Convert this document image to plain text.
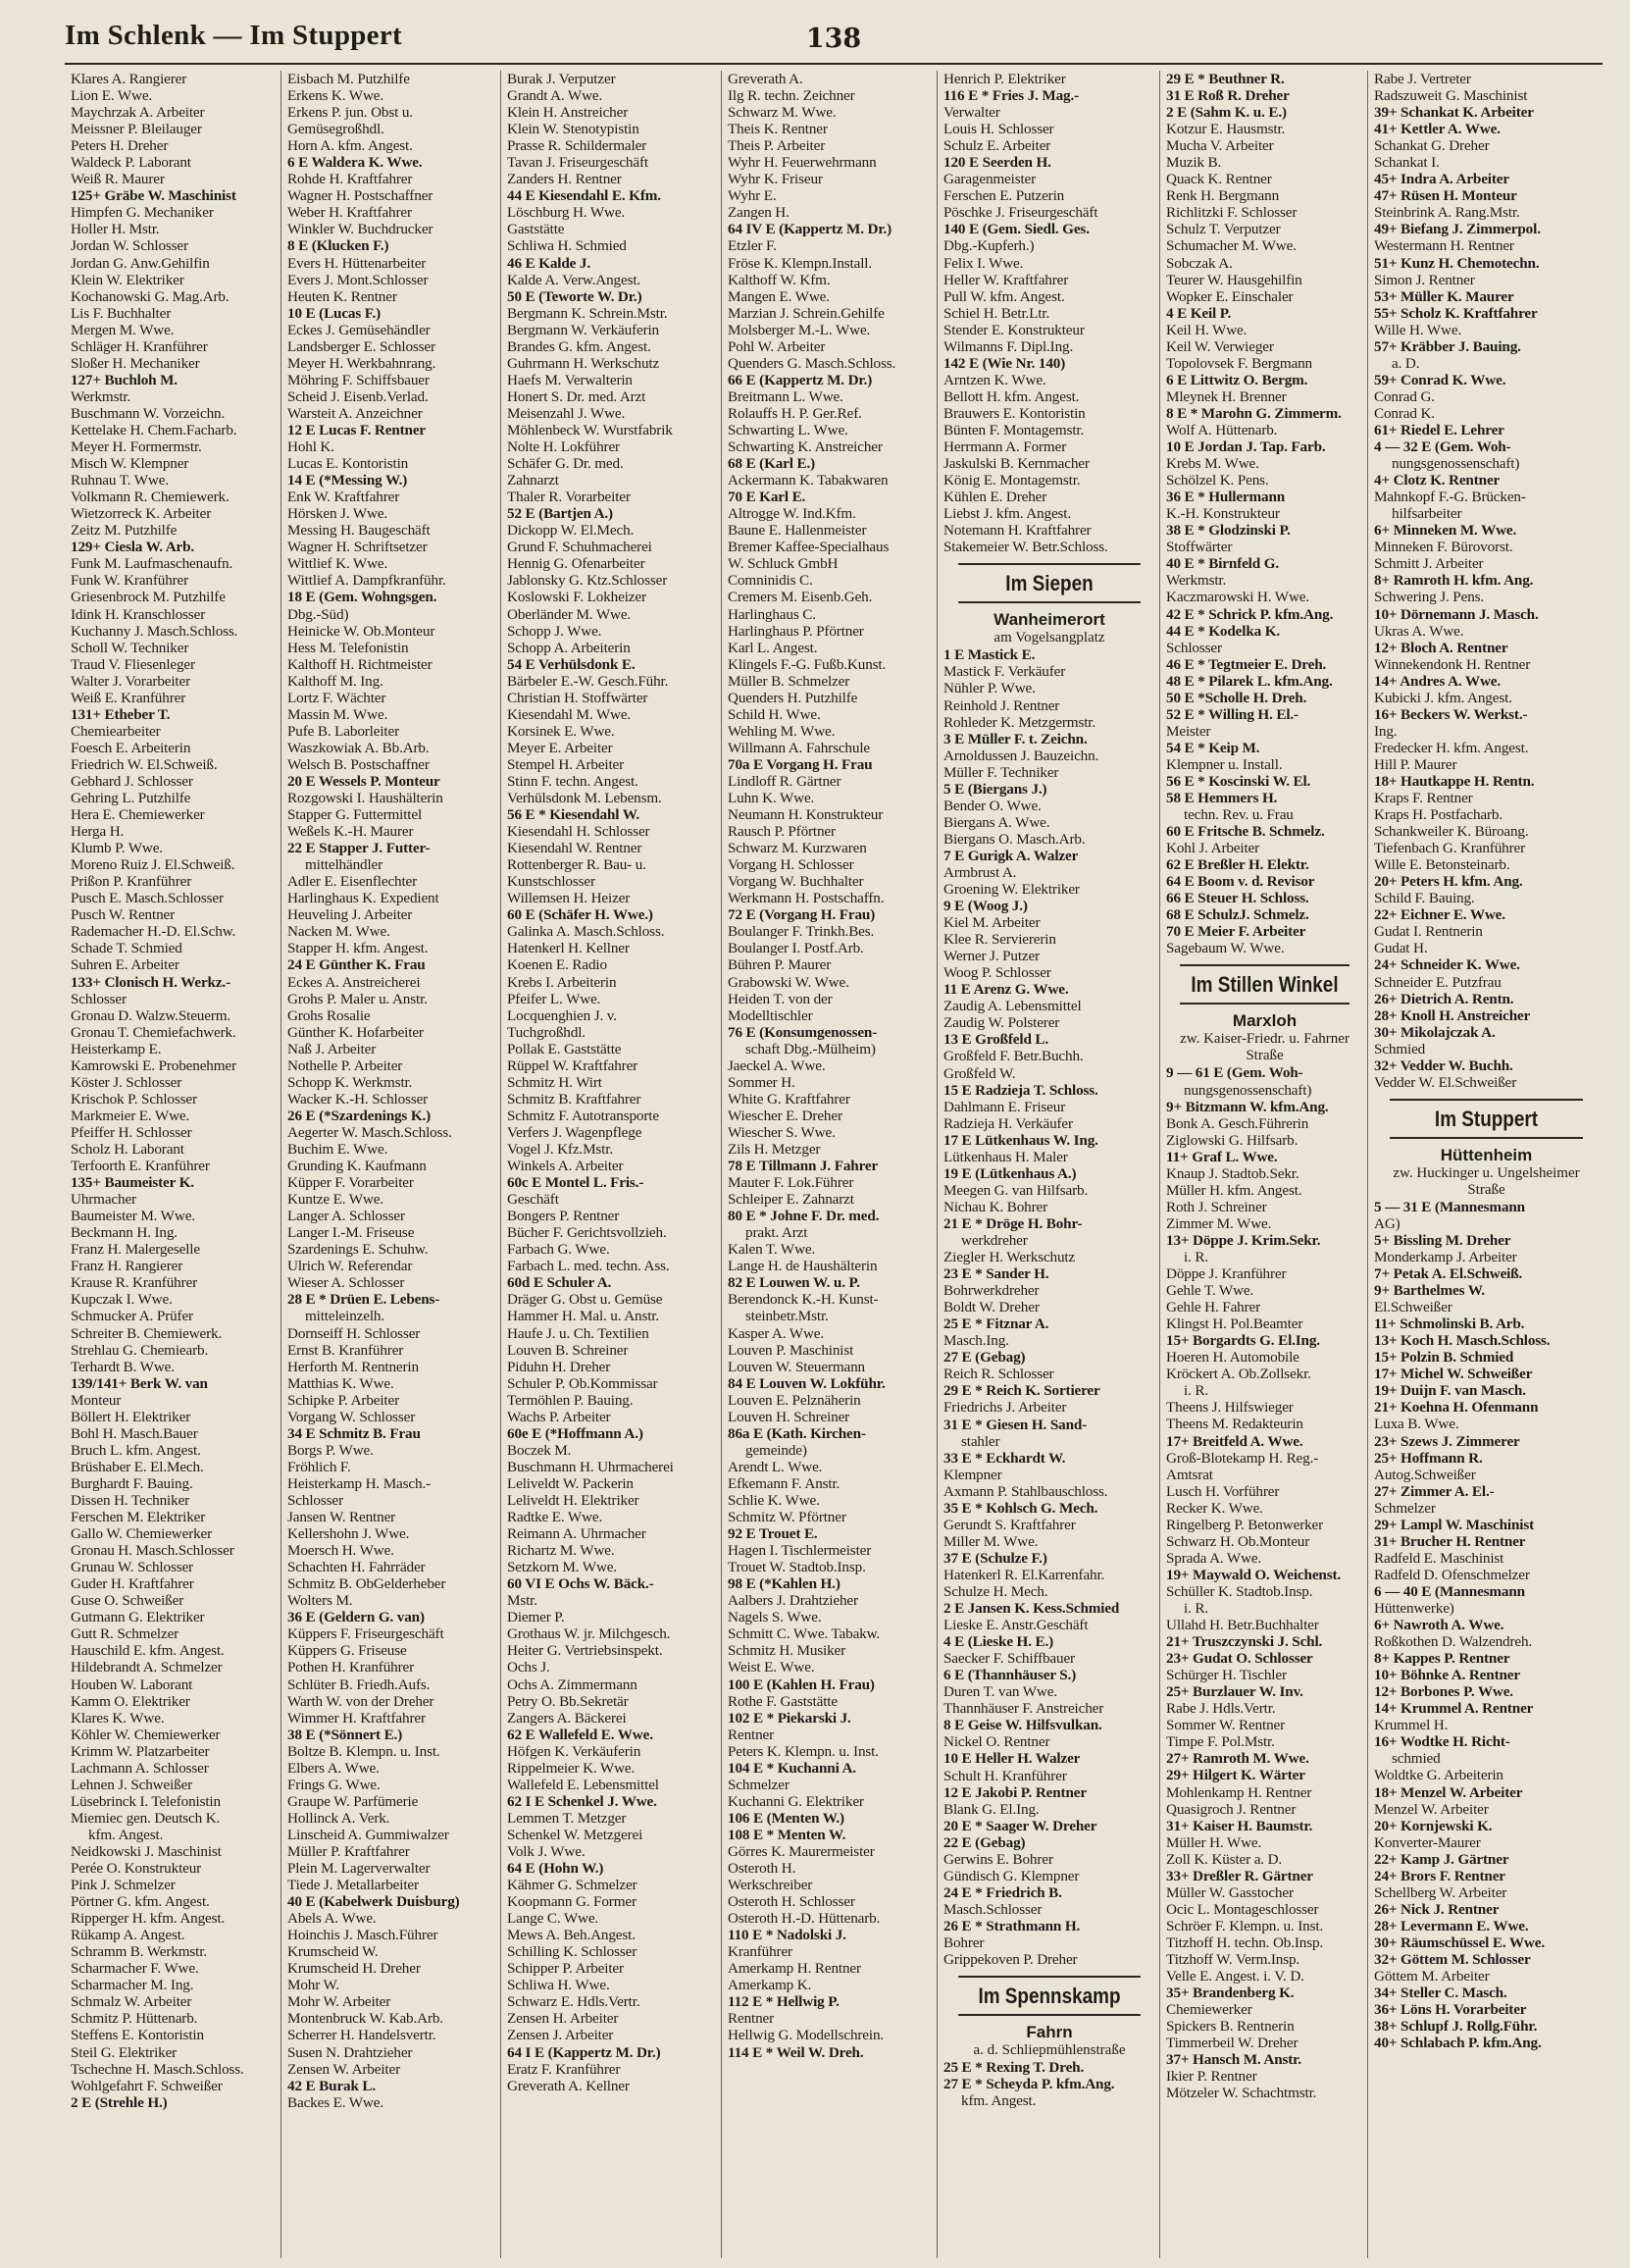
Im Schlenk — Im Stuppert	138
Klares A. Rangierer
Lion E. Wwe.
Maychrzak A. Arbeiter
Meissner P. Bleilauger
Peters H. Dreher
Waldeck P. Laborant
Weiß R. Maurer
125+ Gräbe W. Maschinist
Himpfen G. Mechaniker
Holler H. Mstr.
Jordan W. Schlosser
Jordan G. Anw.Gehilfin
Klein W. Elektriker
Kochanowski G. Mag.Arb.
Lis F. Buchhalter
Mergen M. Wwe.
Schläger H. Kranführer
Sloßer H. Mechaniker
127+ Buchloh M.
Werkmstr.
Buschmann W. Vorzeichn.
Kettelake H. Chem.Facharb.
Meyer H. Formermstr.
Misch W. Klempner
Ruhnau T. Wwe.
Volkmann R. Chemiewerk.
Wietzorreck K. Arbeiter
Zeitz M. Putzhilfe
129+ Ciesla W. Arb.
Funk M. Laufmaschenaufn.
Funk W. Kranführer
Griesenbrock M. Putzhilfe
Idink H. Kranschlosser
Kuchanny J. Masch.Schloss.
Scholl W. Techniker
Traud V. Fliesenleger
Walter J. Vorarbeiter
Weiß E. Kranführer
131+ Etheber T.
Chemiearbeiter
Foesch E. Arbeiterin
Friedrich W. El.Schweiß.
Gebhard J. Schlosser
Gehring L. Putzhilfe
Hera E. Chemiewerker
Herga H.
Klumb P. Wwe.
Moreno Ruiz J. El.Schweiß.
Prißon P. Kranführer
Pusch E. Masch.Schlosser
Pusch W. Rentner
Rademacher H.-D. El.Schw.
Schade T. Schmied
Suhren E. Arbeiter
133+ Clonisch H. Werkz.-
Schlosser
Gronau D. Walzw.Steuerm.
Gronau T. Chemiefachwerk.
Heisterkamp E.
Kamrowski E. Probenehmer
Köster J. Schlosser
Krischok P. Schlosser
Markmeier E. Wwe.
Pfeiffer H. Schlosser
Scholz H. Laborant
Terfoorth E. Kranführer
135+ Baumeister K.
Uhrmacher
Baumeister M. Wwe.
Beckmann H. Ing.
Franz H. Malergeselle
Franz H. Rangierer
Krause R. Kranführer
Kupczak I. Wwe.
Schmucker A. Prüfer
Schreiter B. Chemiewerk.
Strehlau G. Chemiearb.
Terhardt B. Wwe.
139/141+ Berk W. van
Monteur
Böllert H. Elektriker
Bohl H. Masch.Bauer
Bruch L. kfm. Angest.
Brüshaber E. El.Mech.
Burghardt F. Bauing.
Dissen H. Techniker
Ferschen M. Elektriker
Gallo W. Chemiewerker
Gronau H. Masch.Schlosser
Grunau W. Schlosser
Guder H. Kraftfahrer
Guse O. Schweißer
Gutmann G. Elektriker
Gutt R. Schmelzer
Hauschild E. kfm. Angest.
Hildebrandt A. Schmelzer
Houben W. Laborant
Kamm O. Elektriker
Klares K. Wwe.
Köhler W. Chemiewerker
Krimm W. Platzarbeiter
Lachmann A. Schlosser
Lehnen J. Schweißer
Lüsebrinck I. Telefonistin
Miemiec gen. Deutsch K.
kfm. Angest.
Neidkowski J. Maschinist
Perée O. Konstrukteur
Pink J. Schmelzer
Pörtner G. kfm. Angest.
Ripperger H. kfm. Angest.
Rükamp A. Angest.
Schramm B. Werkmstr.
Scharmacher F. Wwe.
Scharmacher M. Ing.
Schmalz W. Arbeiter
Schmitz P. Hüttenarb.
Steffens E. Kontoristin
Steil G. Elektriker
Tschechne H. Masch.Schloss.
Wohlgefahrt F. Schweißer
2 E (Strehle H.)
Eisbach M. Putzhilfe
Erkens K. Wwe.
Erkens P. jun. Obst u.
Gemüsegroßhdl.
Horn A. kfm. Angest.
6 E Waldera K. Wwe.
Rohde H. Kraftfahrer
Wagner H. Postschaffner
Weber H. Kraftfahrer
Winkler W. Buchdrucker
8 E (Klucken F.)
Evers H. Hüttenarbeiter
Evers J. Mont.Schlosser
Heuten K. Rentner
10 E (Lucas F.)
Eckes J. Gemüsehändler
Landsberger E. Schlosser
Meyer H. Werkbahnrang.
Möhring F. Schiffsbauer
Scheid J. Eisenb.Verlad.
Warsteit A. Anzeichner
12 E Lucas F. Rentner
Hohl K.
Lucas E. Kontoristin
14 E (*Messing W.)
Enk W. Kraftfahrer
Hörsken J. Wwe.
Messing H. Baugeschäft
Wagner H. Schriftsetzer
Wittlief K. Wwe.
Wittlief A. Dampfkranführ.
18 E (Gem. Wohngsgen.
Dbg.-Süd)
Heinicke W. Ob.Monteur
Hess M. Telefonistin
Kalthoff H. Richtmeister
Kalthoff M. Ing.
Lortz F. Wächter
Massin M. Wwe.
Pufe B. Laborleiter
Waszkowiak A. Bb.Arb.
Welsch B. Postschaffner
20 E Wessels P. Monteur
Rozgowski I. Haushälterin
Stapper G. Futtermittel
Weßels K.-H. Maurer
22 E Stapper J. Futter-
mittelhändler
Adler E. Eisenflechter
Harlinghaus K. Expedient
Heuveling J. Arbeiter
Nacken M. Wwe.
Stapper H. kfm. Angest.
24 E Günther K. Frau
Eckes A. Anstreicherei
Grohs P. Maler u. Anstr.
Grohs Rosalie
Günther K. Hofarbeiter
Naß J. Arbeiter
Nothelle P. Arbeiter
Schopp K. Werkmstr.
Wacker K.-H. Schlosser
26 E (*Szardenings K.)
Aegerter W. Masch.Schloss.
Buchim E. Wwe.
Grunding K. Kaufmann
Küpper F. Vorarbeiter
Kuntze E. Wwe.
Langer A. Schlosser
Langer I.-M. Friseuse
Szardenings E. Schuhw.
Ulrich W. Referendar
Wieser A. Schlosser
28 E * Drüen E. Lebens-
mitteleinzelh.
Dornseiff H. Schlosser
Ernst B. Kranführer
Herforth M. Rentnerin
Matthias K. Wwe.
Schipke P. Arbeiter
Vorgang W. Schlosser
34 E Schmitz B. Frau
Borgs P. Wwe.
Fröhlich F.
Heisterkamp H. Masch.-
Schlosser
Jansen W. Rentner
Kellershohn J. Wwe.
Moersch H. Wwe.
Schachten H. Fahrräder
Schmitz B. ObGelderheber
Wolters M.
36 E (Geldern G. van)
Küppers F. Friseurgeschäft
Küppers G. Friseuse
Pothen H. Kranführer
Schlüter B. Friedh.Aufs.
Warth W. von der Dreher
Wimmer H. Kraftfahrer
38 E (*Sönnert E.)
Boltze B. Klempn. u. Inst.
Elbers A. Wwe.
Frings G. Wwe.
Graupe W. Parfümerie
Hollinck A. Verk.
Linscheid A. Gummiwalzer
Müller P. Kraftfahrer
Plein M. Lagerverwalter
Tiede J. Metallarbeiter
40 E (Kabelwerk Duisburg)
Abels A. Wwe.
Hoinchis J. Masch.Führer
Krumscheid W.
Krumscheid H. Dreher
Mohr W.
Mohr W. Arbeiter
Montenbruck W. Kab.Arb.
Scherrer H. Handelsvertr.
Susen N. Drahtzieher
Zensen W. Arbeiter
42 E Burak L.
Backes E. Wwe.
Burak J. Verputzer
Grandt A. Wwe.
Klein H. Anstreicher
Klein W. Stenotypistin
Prasse R. Schildermaler
Tavan J. Friseurgeschäft
Zanders H. Rentner
44 E Kiesendahl E. Kfm.
Löschburg H. Wwe.
Gaststätte
Schliwa H. Schmied
46 E Kalde J.
Kalde A. Verw.Angest.
50 E (Teworte W. Dr.)
Bergmann K. Schrein.Mstr.
Bergmann W. Verkäuferin
Brandes G. kfm. Angest.
Guhrmann H. Werkschutz
Haefs M. Verwalterin
Honert S. Dr. med. Arzt
Meisenzahl J. Wwe.
Möhlenbeck W. Wurstfabrik
Nolte H. Lokführer
Schäfer G. Dr. med.
Zahnarzt
Thaler R. Vorarbeiter
52 E (Bartjen A.)
Dickopp W. El.Mech.
Grund F. Schuhmacherei
Hennig G. Ofenarbeiter
Jablonsky G. Ktz.Schlosser
Koslowski F. Lokheizer
Oberländer M. Wwe.
Schopp J. Wwe.
Schopp A. Arbeiterin
54 E Verhülsdonk E.
Bärbeler E.-W. Gesch.Führ.
Christian H. Stoffwärter
Kiesendahl M. Wwe.
Korsinek E. Wwe.
Meyer E. Arbeiter
Stempel H. Arbeiter
Stinn F. techn. Angest.
Verhülsdonk M. Lebensm.
56 E * Kiesendahl W.
Kiesendahl H. Schlosser
Kiesendahl W. Rentner
Rottenberger R. Bau- u.
Kunstschlosser
Willemsen H. Heizer
60 E (Schäfer H. Wwe.)
Galinka A. Masch.Schloss.
Hatenkerl H. Kellner
Koenen E. Radio
Krebs I. Arbeiterin
Pfeifer L. Wwe.
Locquenghien J. v.
Tuchgroßhdl.
Pollak E. Gaststätte
Rüppel W. Kraftfahrer
Schmitz H. Wirt
Schmitz B. Kraftfahrer
Schmitz F. Autotransporte
Verfers J. Wagenpflege
Vogel J. Kfz.Mstr.
Winkels A. Arbeiter
60c E Montel L. Fris.-
Geschäft
Bongers P. Rentner
Bücher F. Gerichtsvollzieh.
Farbach G. Wwe.
Farbach L. med. techn. Ass.
60d E Schuler A.
Dräger G. Obst u. Gemüse
Hammer H. Mal. u. Anstr.
Haufe J. u. Ch. Textilien
Louven B. Schreiner
Piduhn H. Dreher
Schuler P. Ob.Kommissar
Termöhlen P. Bauing.
Wachs P. Arbeiter
60e E (*Hoffmann A.)
Boczek M.
Buschmann H. Uhrmacherei
Leliveldt W. Packerin
Leliveldt H. Elektriker
Radtke E. Wwe.
Reimann A. Uhrmacher
Richartz M. Wwe.
Setzkorn M. Wwe.
60 VI E Ochs W. Bäck.-
Mstr.
Diemer P.
Grothaus W. jr. Milchgesch.
Heiter G. Vertriebsinspekt.
Ochs J.
Ochs A. Zimmermann
Petry O. Bb.Sekretär
Zangers A. Bäckerei
62 E Wallefeld E. Wwe.
Höfgen K. Verkäuferin
Rippelmeier K. Wwe.
Wallefeld E. Lebensmittel
62 I E Schenkel J. Wwe.
Lemmen T. Metzger
Schenkel W. Metzgerei
Volk J. Wwe.
64 E (Hohn W.)
Kähmer G. Schmelzer
Koopmann G. Former
Lange C. Wwe.
Mews A. Beh.Angest.
Schilling K. Schlosser
Schipper P. Arbeiter
Schliwa H. Wwe.
Schwarz E. Hdls.Vertr.
Zensen H. Arbeiter
Zensen J. Arbeiter
64 I E (Kappertz M. Dr.)
Eratz F. Kranführer
Greverath A. Kellner
Greverath A.
Ilg R. techn. Zeichner
Schwarz M. Wwe.
Theis K. Rentner
Theis P. Arbeiter
Wyhr H. Feuerwehrmann
Wyhr K. Friseur
Wyhr E.
Zangen H.
64 IV E (Kappertz M. Dr.)
Etzler F.
Fröse K. Klempn.Install.
Kalthoff W. Kfm.
Mangen E. Wwe.
Marzian J. Schrein.Gehilfe
Molsberger M.-L. Wwe.
Pohl W. Arbeiter
Quenders G. Masch.Schloss.
66 E (Kappertz M. Dr.)
Breitmann L. Wwe.
Rolauffs H. P. Ger.Ref.
Schwarting L. Wwe.
Schwarting K. Anstreicher
68 E (Karl E.)
Ackermann K. Tabakwaren
70 E Karl E.
Altrogge W. Ind.Kfm.
Baune E. Hallenmeister
Bremer Kaffee-Specialhaus
W. Schluck GmbH
Comninidis C.
Cremers M. Eisenb.Geh.
Harlinghaus C.
Harlinghaus P. Pförtner
Karl L. Angest.
Klingels F.-G. Fußb.Kunst.
Müller B. Schmelzer
Quenders H. Putzhilfe
Schild H. Wwe.
Wehling M. Wwe.
Willmann A. Fahrschule
70a E Vorgang H. Frau
Lindloff R. Gärtner
Luhn K. Wwe.
Neumann H. Konstrukteur
Rausch P. Pförtner
Schwarz M. Kurzwaren
Vorgang H. Schlosser
Vorgang W. Buchhalter
Werkmann H. Postschaffn.
72 E (Vorgang H. Frau)
Boulanger F. Trinkh.Bes.
Boulanger I. Postf.Arb.
Bühren P. Maurer
Grabowski W. Wwe.
Heiden T. von der
Modelltischler
76 E (Konsumgenossen-
schaft Dbg.-Mülheim)
Jaeckel A. Wwe.
Sommer H.
White G. Kraftfahrer
Wiescher E. Dreher
Wiescher S. Wwe.
Zils H. Metzger
78 E Tillmann J. Fahrer
Mauter F. Lok.Führer
Schleiper E. Zahnarzt
80 E * Johne F. Dr. med.
prakt. Arzt
Kalen T. Wwe.
Lange H. de Haushälterin
82 E Louwen W. u. P.
Berendonck K.-H. Kunst-
steinbetr.Mstr.
Kasper A. Wwe.
Louven P. Maschinist
Louven W. Steuermann
84 E Louven W. Lokführ.
Louven E. Pelznäherin
Louven H. Schreiner
86a E (Kath. Kirchen-
gemeinde)
Arendt L. Wwe.
Efkemann F. Anstr.
Schlie K. Wwe.
Schmitz W. Pförtner
92 E Trouet E.
Hagen I. Tischlermeister
Trouet W. Stadtob.Insp.
98 E (*Kahlen H.)
Aalbers J. Drahtzieher
Nagels S. Wwe.
Schmitt C. Wwe. Tabakw.
Schmitz H. Musiker
Weist E. Wwe.
100 E (Kahlen H. Frau)
Rothe F. Gaststätte
102 E * Piekarski J.
Rentner
Peters K. Klempn. u. Inst.
104 E * Kuchanni A.
Schmelzer
Kuchanni G. Elektriker
106 E (Menten W.)
108 E * Menten W.
Görres K. Maurermeister
Osteroth H.
Werkschreiber
Osteroth H. Schlosser
Osteroth H.-D. Hüttenarb.
110 E * Nadolski J.
Kranführer
Amerkamp H. Rentner
Amerkamp K.
112 E * Hellwig P.
Rentner
Hellwig G. Modellschrein.
114 E * Weil W. Dreh.
Henrich P. Elektriker
116 E * Fries J. Mag.-
Verwalter
Louis H. Schlosser
Schulz E. Arbeiter
120 E Seerden H.
Garagenmeister
Ferschen E. Putzerin
Pöschke J. Friseurgeschäft
140 E (Gem. Siedl. Ges.
Dbg.-Kupferh.)
Felix I. Wwe.
Heller W. Kraftfahrer
Pull W. kfm. Angest.
Schiel H. Betr.Ltr.
Stender E. Konstrukteur
Wilmanns F. Dipl.Ing.
142 E (Wie Nr. 140)
Arntzen K. Wwe.
Bellott H. kfm. Angest.
Brauwers E. Kontoristin
Bünten F. Montagemstr.
Herrmann A. Former
Jaskulski B. Kernmacher
König E. Montagemstr.
Kühlen E. Dreher
Liebst J. kfm. Angest.
Notemann H. Kraftfahrer
Stakemeier W. Betr.Schloss.
Im Siepen
Wanheimerort
am Vogelsangplatz
1 E Mastick E.
Mastick F. Verkäufer
Nühler P. Wwe.
Reinhold J. Rentner
Rohleder K. Metzgermstr.
3 E Müller F. t. Zeichn.
Arnoldussen J. Bauzeichn.
Müller F. Techniker
5 E (Biergans J.)
Bender O. Wwe.
Biergans A. Wwe.
Biergans O. Masch.Arb.
7 E Gurigk A. Walzer
Armbrust A.
Groening W. Elektriker
9 E (Woog J.)
Kiel M. Arbeiter
Klee R. Serviererin
Werner J. Putzer
Woog P. Schlosser
11 E Arenz G. Wwe.
Zaudig A. Lebensmittel
Zaudig W. Polsterer
13 E Großfeld L.
Großfeld F. Betr.Buchh.
Großfeld W.
15 E Radzieja T. Schloss.
Dahlmann E. Friseur
Radzieja H. Verkäufer
17 E Lütkenhaus W. Ing.
Lütkenhaus H. Maler
19 E (Lütkenhaus A.)
Meegen G. van Hilfsarb.
Nichau K. Bohrer
21 E * Dröge H. Bohr-
werkdreher
Ziegler H. Werkschutz
23 E * Sander H.
Bohrwerkdreher
Boldt W. Dreher
25 E * Fitznar A.
Masch.Ing.
27 E (Gebag)
Reich R. Schlosser
29 E * Reich K. Sortierer
Friedrichs J. Arbeiter
31 E * Giesen H. Sand-
stahler
33 E * Eckhardt W.
Klempner
Axmann P. Stahlbauschloss.
35 E * Kohlsch G. Mech.
Gerundt S. Kraftfahrer
Miller M. Wwe.
37 E (Schulze F.)
Hatenkerl R. El.Karrenfahr.
Schulze H. Mech.
2 E Jansen K. Kess.Schmied
Lieske E. Anstr.Geschäft
4 E (Lieske H. E.)
Saecker F. Schiffbauer
6 E (Thannhäuser S.)
Duren T. van Wwe.
Thannhäuser F. Anstreicher
8 E Geise W. Hilfsvulkan.
Nickel O. Rentner
10 E Heller H. Walzer
Schult H. Kranführer
12 E Jakobi P. Rentner
Blank G. El.Ing.
20 E * Saager W. Dreher
22 E (Gebag)
Gerwins E. Bohrer
Gündisch G. Klempner
24 E * Friedrich B.
Masch.Schlosser
26 E * Strathmann H.
Bohrer
Grippekoven P. Dreher
Im Spennskamp
Fahrn
a. d. Schliepmühlenstraße
25 E * Rexing T. Dreh.
27 E * Scheyda P. kfm.Ang.
kfm. Angest.
29 E * Beuthner R.
31 E Roß R. Dreher
2 E (Sahm K. u. E.)
Kotzur E. Hausmstr.
Mucha V. Arbeiter
Muzik B.
Quack K. Rentner
Renk H. Bergmann
Richlitzki F. Schlosser
Schulz T. Verputzer
Schumacher M. Wwe.
Sobczak A.
Teurer W. Hausgehilfin
Wopker E. Einschaler
4 E Keil P.
Keil H. Wwe.
Keil W. Verwieger
Topolovsek F. Bergmann
6 E Littwitz O. Bergm.
Mleynek H. Brenner
8 E * Marohn G. Zimmerm.
Wolf A. Hüttenarb.
10 E Jordan J. Tap. Farb.
Krebs M. Wwe.
Schölzel K. Pens.
36 E * Hullermann
K.-H. Konstrukteur
38 E * Glodzinski P.
Stoffwärter
40 E * Birnfeld G.
Werkmstr.
Kaczmarowski H. Wwe.
42 E * Schrick P. kfm.Ang.
44 E * Kodelka K.
Schlosser
46 E * Tegtmeier E. Dreh.
48 E * Pilarek L. kfm.Ang.
50 E *Scholle H. Dreh.
52 E * Willing H. El.-
Meister
54 E * Keip M.
Klempner u. Install.
56 E * Koscinski W. El.
58 E Hemmers H.
techn. Rev. u. Frau
60 E Fritsche B. Schmelz.
Kohl J. Arbeiter
62 E Breßler H. Elektr.
64 E Boom v. d. Revisor
66 E Steuer H. Schloss.
68 E SchulzJ. Schmelz.
70 E Meier F. Arbeiter
Sagebaum W. Wwe.
Im Stillen Winkel
Marxloh
zw. Kaiser-Friedr. u. Fahrner Straße
9 — 61 E (Gem. Woh-
nungsgenossenschaft)
9+ Bitzmann W. kfm.Ang.
Bonk A. Gesch.Führerin
Ziglowski G. Hilfsarb.
11+ Graf L. Wwe.
Knaup J. Stadtob.Sekr.
Müller H. kfm. Angest.
Roth J. Schreiner
Zimmer M. Wwe.
13+ Döppe J. Krim.Sekr.
i. R.
Döppe J. Kranführer
Gehle T. Wwe.
Gehle H. Fahrer
Klingst H. Pol.Beamter
15+ Borgardts G. El.Ing.
Hoeren H. Automobile
Kröckert A. Ob.Zollsekr.
i. R.
Theens J. Hilfswieger
Theens M. Redakteurin
17+ Breitfeld A. Wwe.
Groß-Blotekamp H. Reg.-
Amtsrat
Lusch H. Vorführer
Recker K. Wwe.
Ringelberg P. Betonwerker
Schwarz H. Ob.Monteur
Sprada A. Wwe.
19+ Maywald O. Weichenst.
Schüller K. Stadtob.Insp.
i. R.
Ullahd H. Betr.Buchhalter
21+ Truszczynski J. Schl.
23+ Gudat O. Schlosser
Schürger H. Tischler
25+ Burzlauer W. Inv.
Rabe J. Hdls.Vertr.
Sommer W. Rentner
Timpe F. Pol.Mstr.
27+ Ramroth M. Wwe.
29+ Hilgert K. Wärter
Mohlenkamp H. Rentner
Quasigroch J. Rentner
31+ Kaiser H. Baumstr.
Müller H. Wwe.
Zoll K. Küster a. D.
33+ Dreßler R. Gärtner
Müller W. Gasstocher
Ocic L. Montageschlosser
Schröer F. Klempn. u. Inst.
Titzhoff H. techn. Ob.Insp.
Titzhoff W. Verm.Insp.
Velle E. Angest. i. V. D.
35+ Brandenberg K.
Chemiewerker
Spickers B. Rentnerin
Timmerbeil W. Dreher
37+ Hansch M. Anstr.
Ikier P. Rentner
Mötzeler W. Schachtmstr.
Rabe J. Vertreter
Radszuweit G. Maschinist
39+ Schankat K. Arbeiter
41+ Kettler A. Wwe.
Schankat G. Dreher
Schankat I.
45+ Indra A. Arbeiter
47+ Rüsen H. Monteur
Steinbrink A. Rang.Mstr.
49+ Biefang J. Zimmerpol.
Westermann H. Rentner
51+ Kunz H. Chemotechn.
Simon J. Rentner
53+ Müller K. Maurer
55+ Scholz K. Kraftfahrer
Wille H. Wwe.
57+ Kräbber J. Bauing.
a. D.
59+ Conrad K. Wwe.
Conrad G.
Conrad K.
61+ Riedel E. Lehrer
4 — 32 E (Gem. Woh-
nungsgenossenschaft)
4+ Clotz K. Rentner
Mahnkopf F.-G. Brücken-
hilfsarbeiter
6+ Minneken M. Wwe.
Minneken F. Bürovorst.
Schmitt J. Arbeiter
8+ Ramroth H. kfm. Ang.
Schwering J. Pens.
10+ Dörnemann J. Masch.
Ukras A. Wwe.
12+ Bloch A. Rentner
Winnekendonk H. Rentner
14+ Andres A. Wwe.
Kubicki J. kfm. Angest.
16+ Beckers W. Werkst.-
Ing.
Fredecker H. kfm. Angest.
Hill P. Maurer
18+ Hautkappe H. Rentn.
Kraps F. Rentner
Kraps H. Postfacharb.
Schankweiler K. Büroang.
Tiefenbach G. Kranführer
Wille E. Betonsteinarb.
20+ Peters H. kfm. Ang.
Schild F. Bauing.
22+ Eichner E. Wwe.
Gudat I. Rentnerin
Gudat H.
24+ Schneider K. Wwe.
Schneider E. Putzfrau
26+ Dietrich A. Rentn.
28+ Knoll H. Anstreicher
30+ Mikolajczak A.
Schmied
32+ Vedder W. Buchh.
Vedder W. El.Schweißer
Im Stuppert
Hüttenheim
zw. Huckinger u. Ungelsheimer Straße
5 — 31 E (Mannesmann
AG)
5+ Bissling M. Dreher
Monderkamp J. Arbeiter
7+ Petak A. El.Schweiß.
9+ Barthelmes W.
El.Schweißer
11+ Schmolinski B. Arb.
13+ Koch H. Masch.Schloss.
15+ Polzin B. Schmied
17+ Michel W. Schweißer
19+ Duijn F. van Masch.
21+ Koehna H. Ofenmann
Luxa B. Wwe.
23+ Szews J. Zimmerer
25+ Hoffmann R.
Autog.Schweißer
27+ Zimmer A. El.-
Schmelzer
29+ Lampl W. Maschinist
31+ Brucher H. Rentner
Radfeld E. Maschinist
Radfeld D. Ofenschmelzer
6 — 40 E (Mannesmann
Hüttenwerke)
6+ Nawroth A. Wwe.
Roßkothen D. Walzendreh.
8+ Kappes P. Rentner
10+ Böhnke A. Rentner
12+ Borbones P. Wwe.
14+ Krummel A. Rentner
Krummel H.
16+ Wodtke H. Richt-
schmied
Woldtke G. Arbeiterin
18+ Menzel W. Arbeiter
Menzel W. Arbeiter
20+ Kornjewski K.
Konverter-Maurer
22+ Kamp J. Gärtner
24+ Brors F. Rentner
Schellberg W. Arbeiter
26+ Nick J. Rentner
28+ Levermann E. Wwe.
30+ Räumschüssel E. Wwe.
32+ Göttem M. Schlosser
Göttem M. Arbeiter
34+ Steller C. Masch.
36+ Löns H. Vorarbeiter
38+ Schlupf J. Rollg.Führ.
40+ Schlabach P. kfm.Ang.
